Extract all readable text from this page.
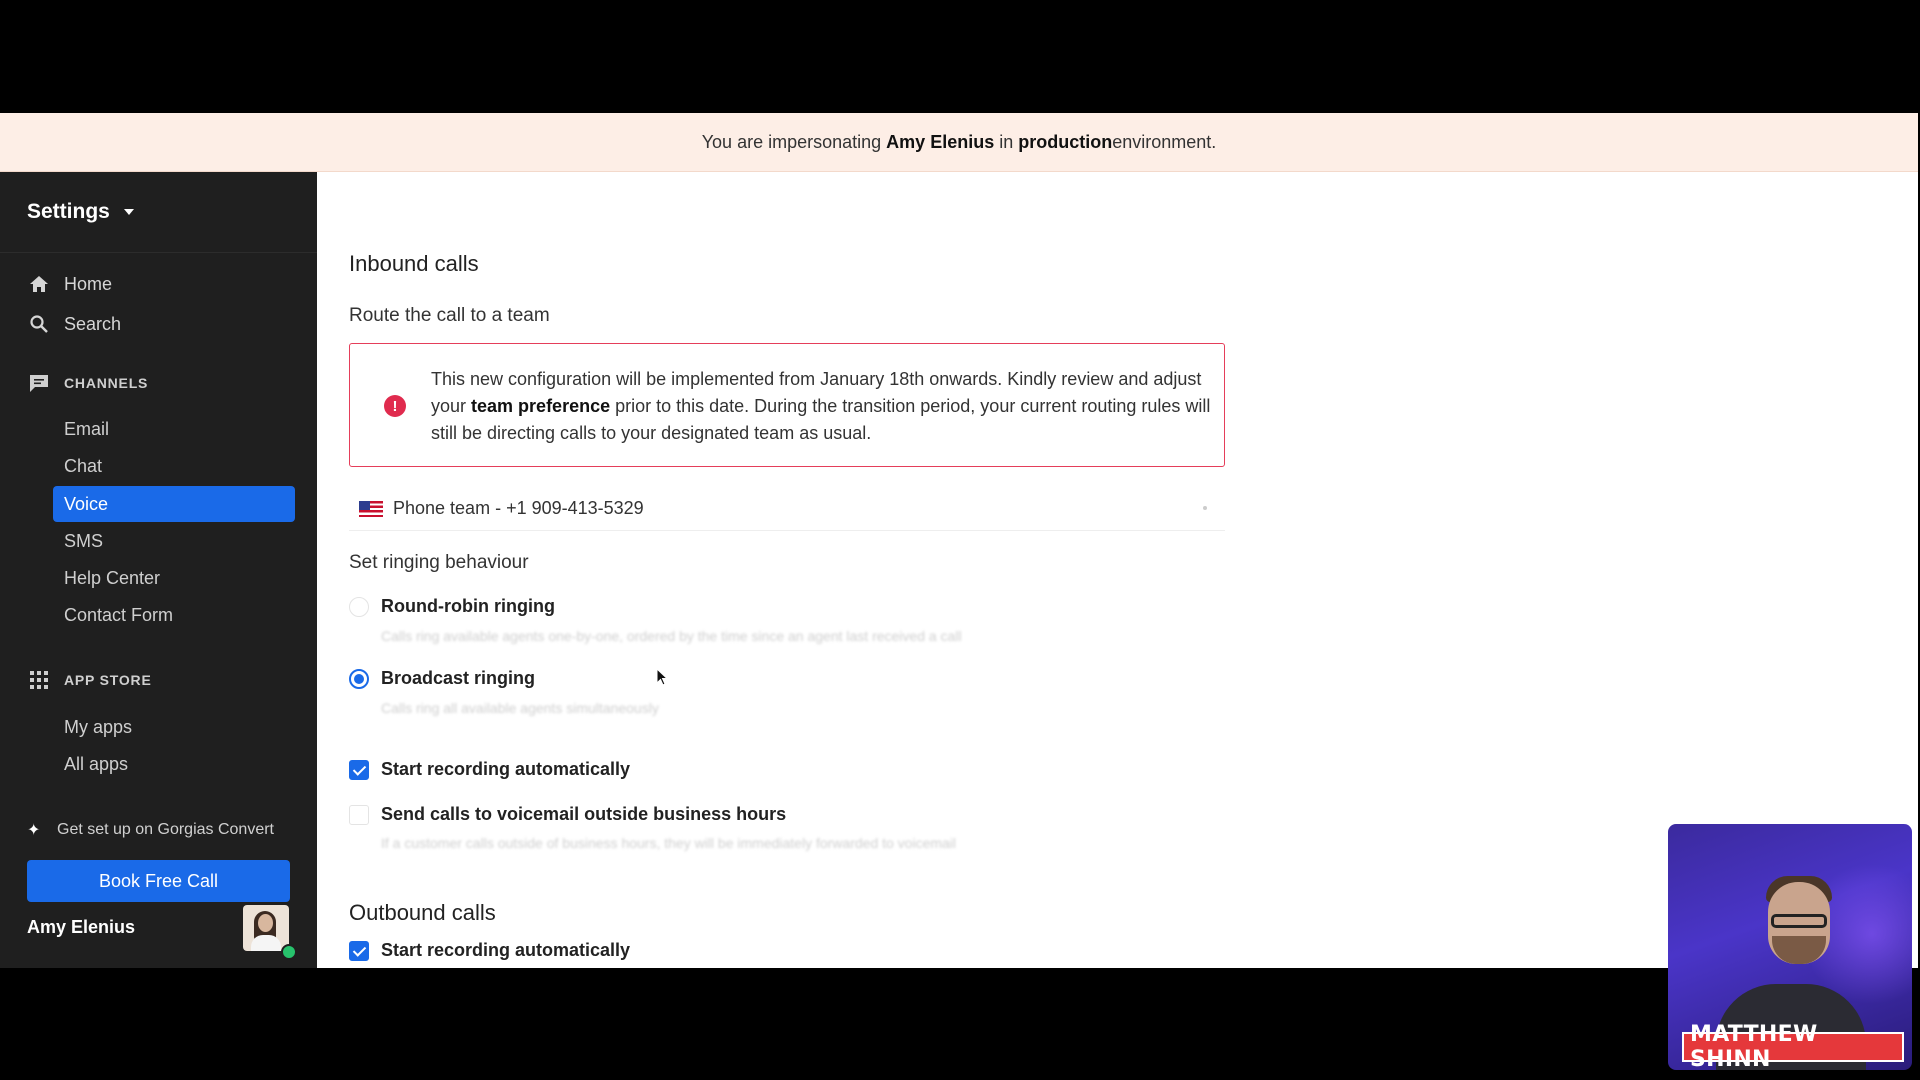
You are impersonating
Amy Elenius
in
production environment.
Settings
Home
Search
CHANNELS
Email
Chat
Voice
SMS
Help Center
Contact Form
APP STORE
My apps
All apps
✦	Get set up on Gorgias Convert
Book Free Call
Amy Elenius
Inbound calls
Route the call to a team
!
This new configuration will be implemented from January 18th onwards. Kindly review and adjust your team preference prior to this date. During the transition period, your current routing rules will still be directing calls to your designated team as usual.
Phone team - +1 909-413-5329
Set ringing behaviour
Round-robin ringing
Calls ring available agents one-by-one, ordered by the time since an agent last received a call
Broadcast ringing
Calls ring all available agents simultaneously
Start recording automatically
Send calls to voicemail outside business hours
If a customer calls outside of business hours, they will be immediately forwarded to voicemail
Outbound calls
Start recording automatically
MATTHEW SHINN
